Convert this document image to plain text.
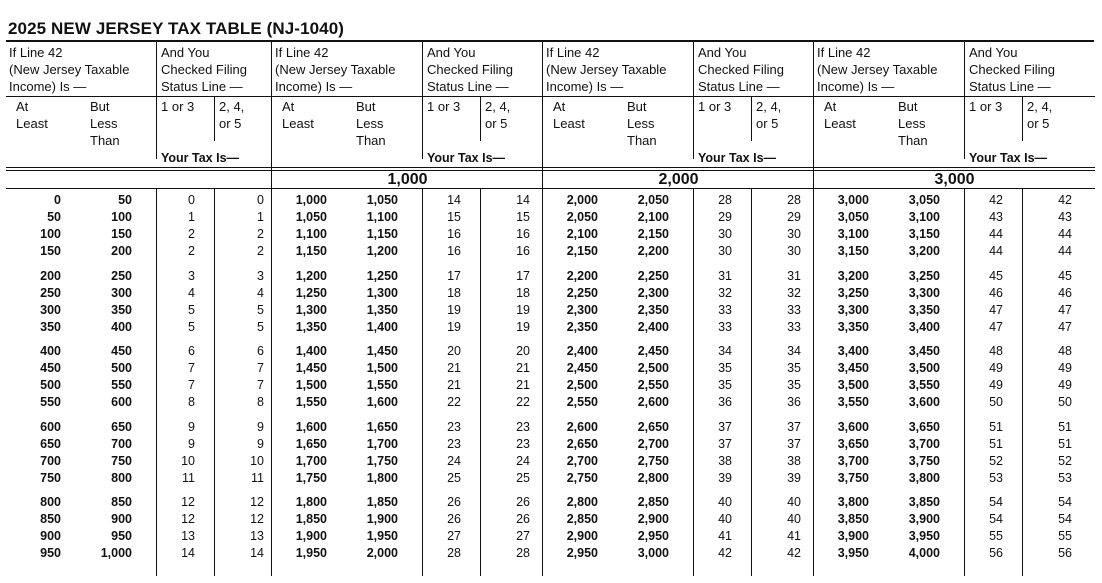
2025 NEW JERSEY TAX TABLE (NJ-1040)
If Line 42
(New Jersey Taxable
Income) Is —
And You
Checked Filing
Status Line —
At
Least
But
Less
Than
1 or 3 2, 4,
or 5
Your Tax Is—
0	50	0	0
50	100	1	1
100	150	2	2
150	200	2	2
200	250	3	3
250	300	4	4
300	350	5	5
350	400	5	5
400	450	6	6
450	500	7	7
500	550	7	7
550	600	8	8
600	650	9	9
650	700	9	9
700	750	10	10
750	800	11	11
800	850	12	12
850	900	12	12
900	950	13	13
950	1,000	14	14
If Line 42
(New Jersey Taxable
Income) Is —
And You
Checked Filing
Status Line —
At
Least
But
Less
Than
1 or 3 2, 4,
or 5
Your Tax Is—
1,000
1,000	1,050	14	14
1,050	1,100	15	15
1,100	1,150	16	16
1,150	1,200	16	16
1,200	1,250	17	17
1,250	1,300	18	18
1,300	1,350	19	19
1,350	1,400	19	19
1,400	1,450	20	20
1,450	1,500	21	21
1,500	1,550	21	21
1,550	1,600	22	22
1,600	1,650	23	23
1,650	1,700	23	23
1,700	1,750	24	24
1,750	1,800	25	25
1,800	1,850	26	26
1,850	1,900	26	26
1,900	1,950	27	27
1,950	2,000	28	28
If Line 42
(New Jersey Taxable
Income) Is —
And You
Checked Filing
Status Line —
At
Least
But
Less
Than
1 or 3 2, 4,
or 5
Your Tax Is—
2,000
2,000	2,050	28	28
2,050	2,100	29	29
2,100	2,150	30	30
2,150	2,200	30	30
2,200	2,250	31	31
2,250	2,300	32	32
2,300	2,350	33	33
2,350	2,400	33	33
2,400	2,450	34	34
2,450	2,500	35	35
2,500	2,550	35	35
2,550	2,600	36	36
2,600	2,650	37	37
2,650	2,700	37	37
2,700	2,750	38	38
2,750	2,800	39	39
2,800	2,850	40	40
2,850	2,900	40	40
2,900	2,950	41	41
2,950	3,000	42	42
If Line 42
(New Jersey Taxable
Income) Is —
And You
Checked Filing
Status Line —
At
Least
But
Less
Than
1 or 3 2, 4,
or 5
Your Tax Is—
3,000
3,000	3,050	42	42
3,050	3,100	43	43
3,100	3,150	44	44
3,150	3,200	44	44
3,200	3,250	45	45
3,250	3,300	46	46
3,300	3,350	47	47
3,350	3,400	47	47
3,400	3,450	48	48
3,450	3,500	49	49
3,500	3,550	49	49
3,550	3,600	50	50
3,600	3,650	51	51
3,650	3,700	51	51
3,700	3,750	52	52
3,750	3,800	53	53
3,800	3,850	54	54
3,850	3,900	54	54
3,900	3,950	55	55
3,950	4,000	56	56
